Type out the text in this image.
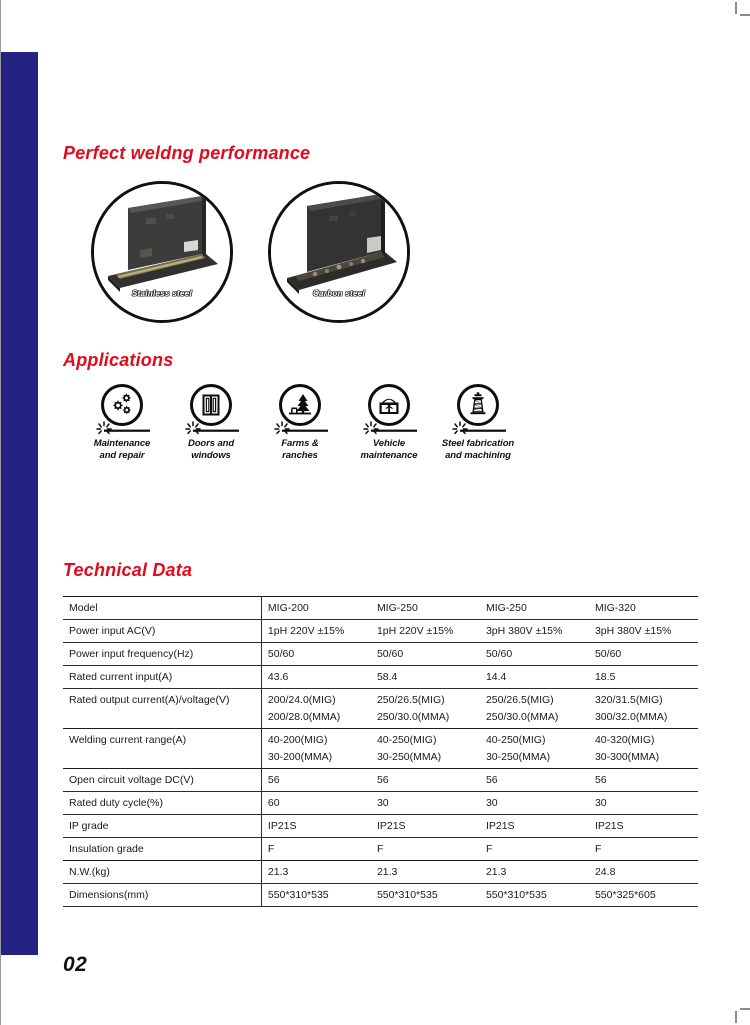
Perfect weldng performance
Stainless steel	Carbon steel
Applications
Maintenance
and repair
Doors and
windows
Farms &
ranches
Vehicle
maintenance
Steel fabrication
and machining
Technical Data
Model	MIG-200	MIG-250	MIG-250	MIG-320
Power input AC(V)	1pH 220V ±15%	1pH 220V ±15%	3pH 380V ±15%	3pH 380V ±15%
Power input frequency(Hz)	50/60	50/60	50/60	50/60
Rated current input(A)	43.6	58.4	14.4	18.5
Rated output current(A)/voltage(V)	200/24.0(MIG)	250/26.5(MIG)	250/26.5(MIG)	320/31.5(MIG)
	200/28.0(MMA)	250/30.0(MMA)	250/30.0(MMA)	300/32.0(MMA)
Welding current range(A)	40-200(MIG)	40-250(MIG)	40-250(MIG)	40-320(MIG)
	30-200(MMA)	30-250(MMA)	30-250(MMA)	30-300(MMA)
Open circuit voltage DC(V)	56	56	56	56
Rated duty cycle(%)	60	30	30	30
IP grade	IP21S	IP21S	IP21S	IP21S
Insulation grade	F	F	F	F
N.W.(kg)	21.3	21.3	21.3	24.8
Dimensions(mm)	550*310*535	550*310*535	550*310*535	550*325*605
02
